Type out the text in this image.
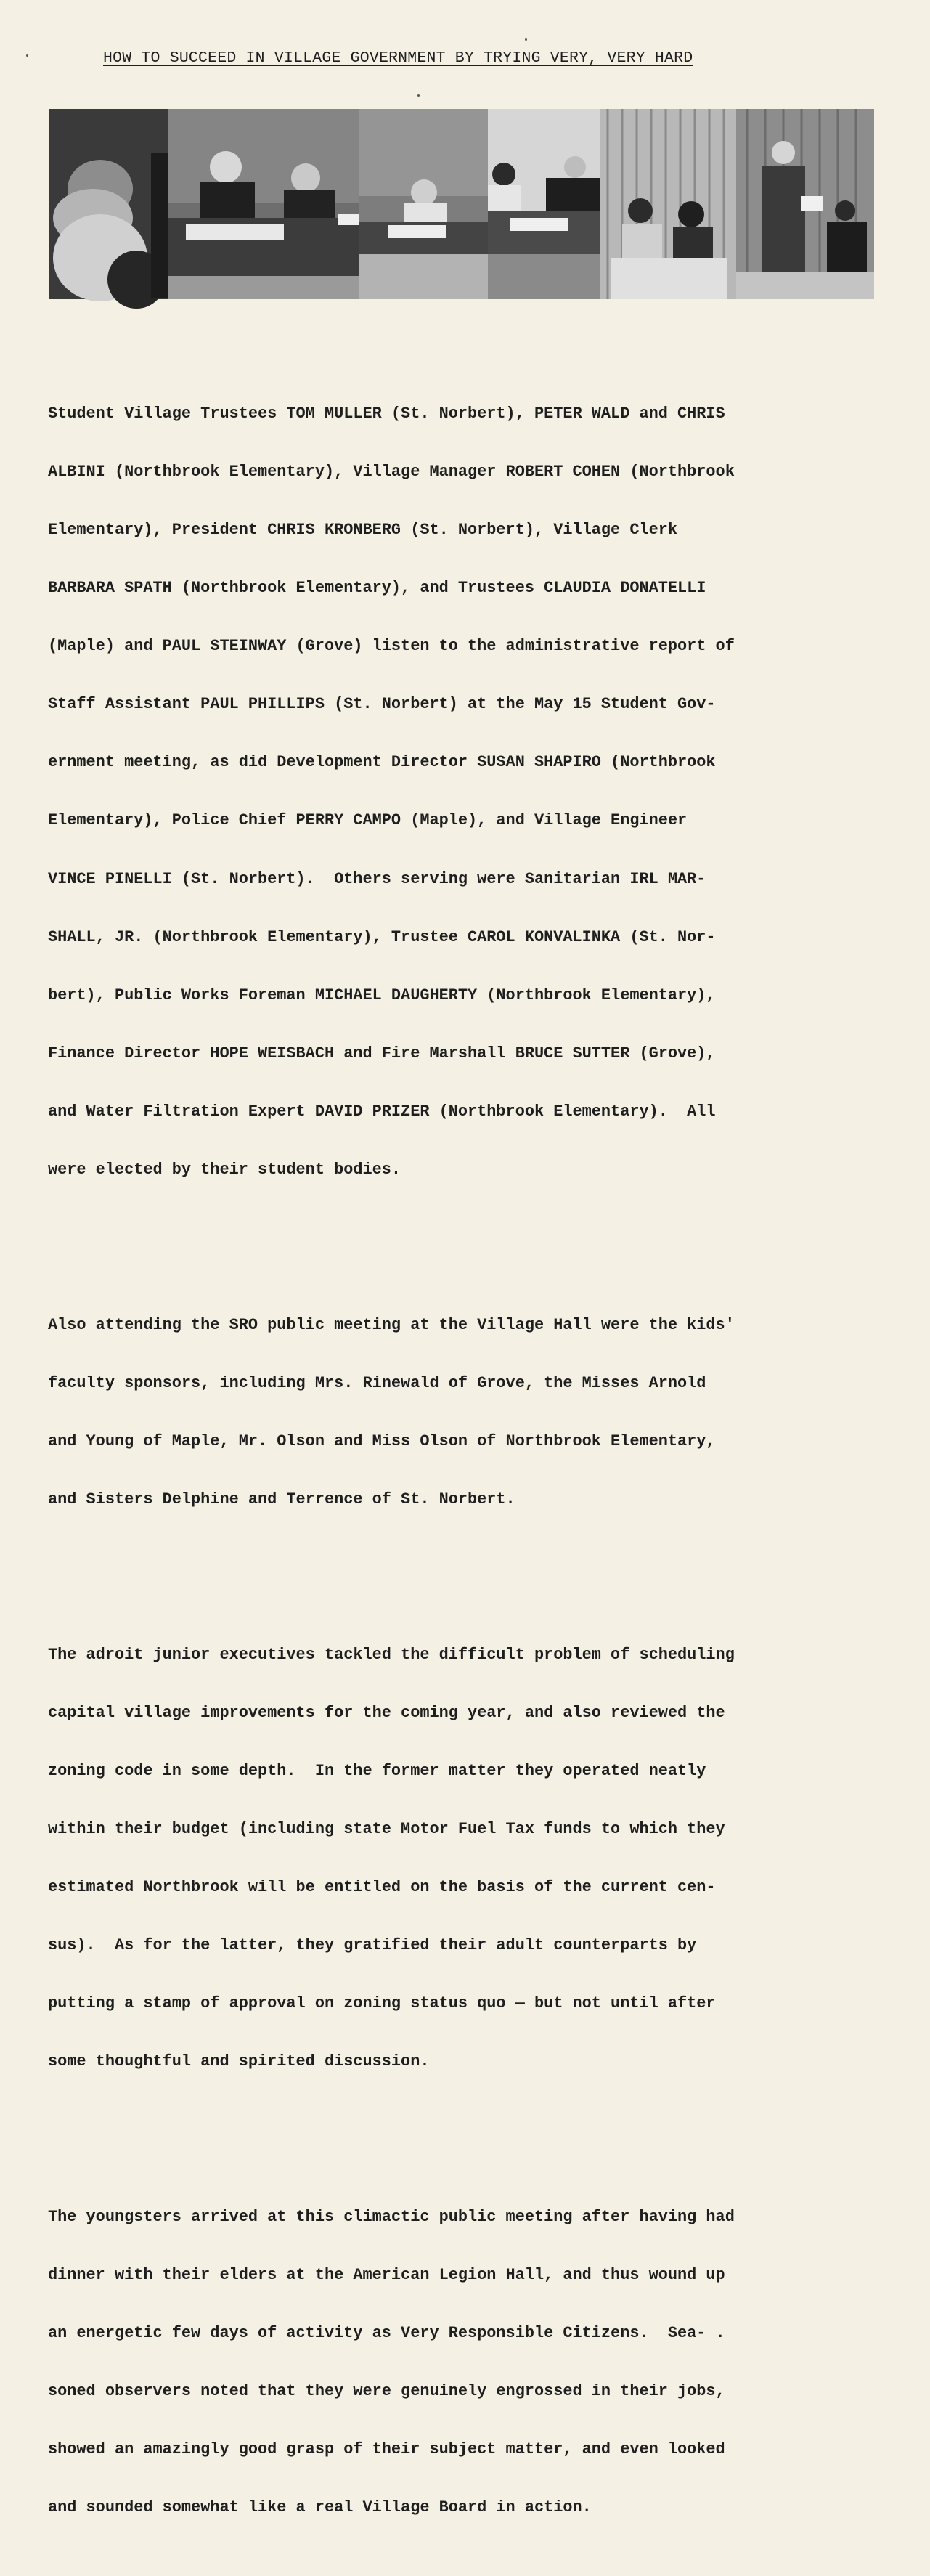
HOW TO SUCCEED IN VILLAGE GOVERNMENT BY TRYING VERY, VERY HARD

Student Village Trustees TOM MULLER (St. Norbert), PETER WALD and CHRIS

ALBINI (Northbrook Elementary), Village Manager ROBERT COHEN (Northbrook

Elementary), President CHRIS KRONBERG (St. Norbert), Village Clerk

BARBARA SPATH (Northbrook Elementary), and Trustees CLAUDIA DONATELLI

(Maple) and PAUL STEINWAY (Grove) listen to the administrative report of

Staff Assistant PAUL PHILLIPS (St. Norbert) at the May 15 Student Gov-

ernment meeting, as did Development Director SUSAN SHAPIRO (Northbrook

Elementary), Police Chief PERRY CAMPO (Maple), and Village Engineer

VINCE PINELLI (St. Norbert).  Others serving were Sanitarian IRL MAR-

SHALL, JR. (Northbrook Elementary), Trustee CAROL KONVALINKA (St. Nor-

bert), Public Works Foreman MICHAEL DAUGHERTY (Northbrook Elementary),

Finance Director HOPE WEISBACH and Fire Marshall BRUCE SUTTER (Grove),

and Water Filtration Expert DAVID PRIZER (Northbrook Elementary).  All

were elected by their student bodies.

Also attending the SRO public meeting at the Village Hall were the kids'

faculty sponsors, including Mrs. Rinewald of Grove, the Misses Arnold

and Young of Maple, Mr. Olson and Miss Olson of Northbrook Elementary,

and Sisters Delphine and Terrence of St. Norbert.

The adroit junior executives tackled the difficult problem of scheduling

capital village improvements for the coming year, and also reviewed the

zoning code in some depth.  In the former matter they operated neatly

within their budget (including state Motor Fuel Tax funds to which they

estimated Northbrook will be entitled on the basis of the current cen-

sus).  As for the latter, they gratified their adult counterparts by

putting a stamp of approval on zoning status quo — but not until after

some thoughtful and spirited discussion.

The youngsters arrived at this climactic public meeting after having had

dinner with their elders at the American Legion Hall, and thus wound up

an energetic few days of activity as Very Responsible Citizens.  Sea- .

soned observers noted that they were genuinely engrossed in their jobs,

showed an amazingly good grasp of their subject matter, and even looked

and sounded somewhat like a real Village Board in action.
